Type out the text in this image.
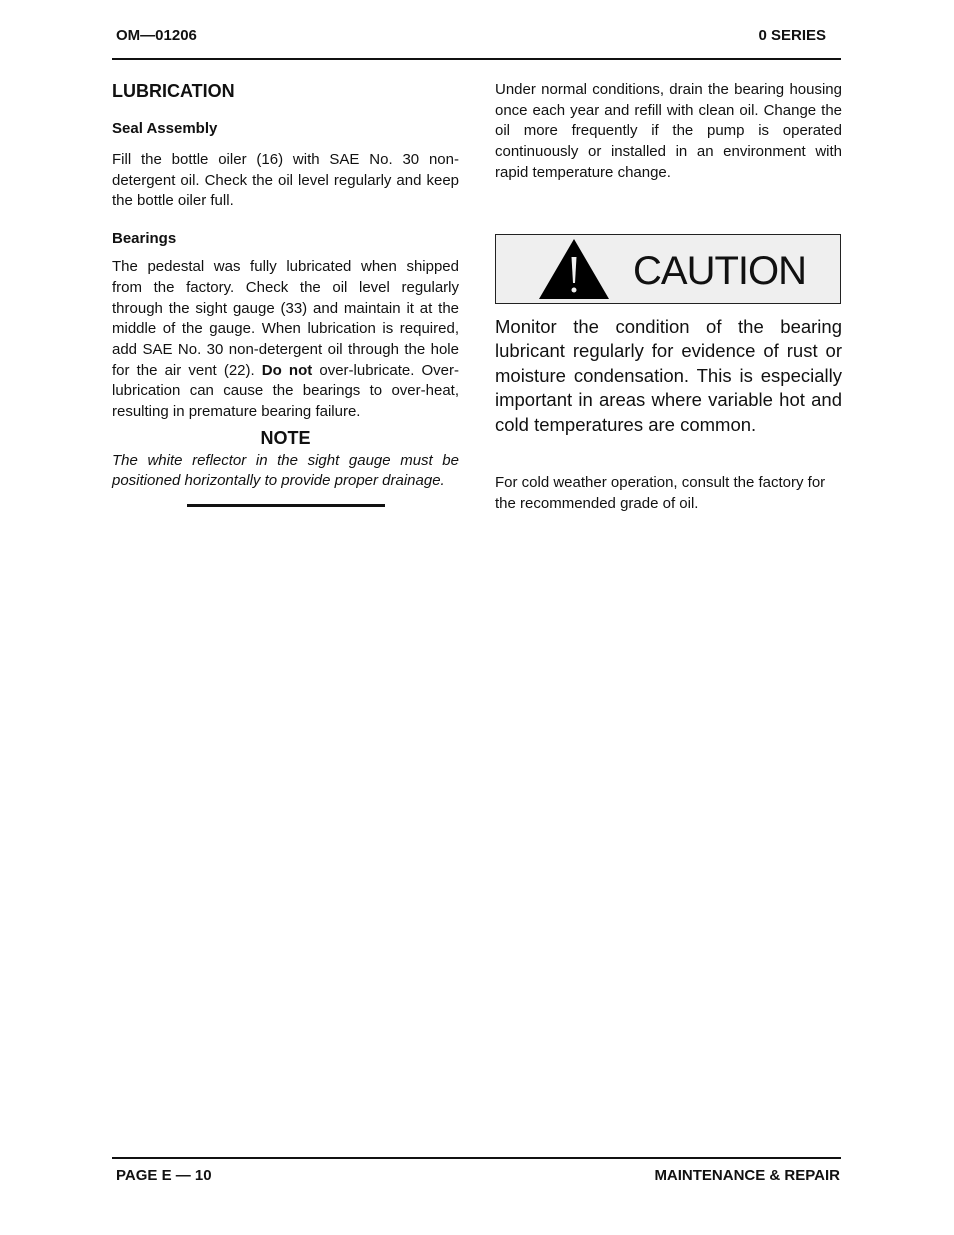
OM—01206	0 SERIES
LUBRICATION
Seal Assembly

Fill the bottle oiler (16) with SAE No. 30 non-detergent oil. Check the oil level regularly and keep the bottle oiler full.

Bearings

The pedestal was fully lubricated when shipped from the factory. Check the oil level regularly through the sight gauge (33) and maintain it at the middle of the gauge. When lubrication is required, add SAE No. 30 non-detergent oil through the hole for the air vent (22). Do not over-lubricate. Over-lubrication can cause the bearings to over-heat, resulting in premature bearing failure.

NOTE

The white reflector in the sight gauge must be positioned horizontally to provide proper drainage.

Under normal conditions, drain the bearing housing once each year and refill with clean oil. Change the oil more frequently if the pump is operated continuously or installed in an environment with rapid temperature change.

CAUTION

Monitor the condition of the bearing lubricant regularly for evidence of rust or moisture condensation. This is especially important in areas where variable hot and cold temperatures are common.

For cold weather operation, consult the factory for the recommended grade of oil.

PAGE E — 10	MAINTENANCE & REPAIR
